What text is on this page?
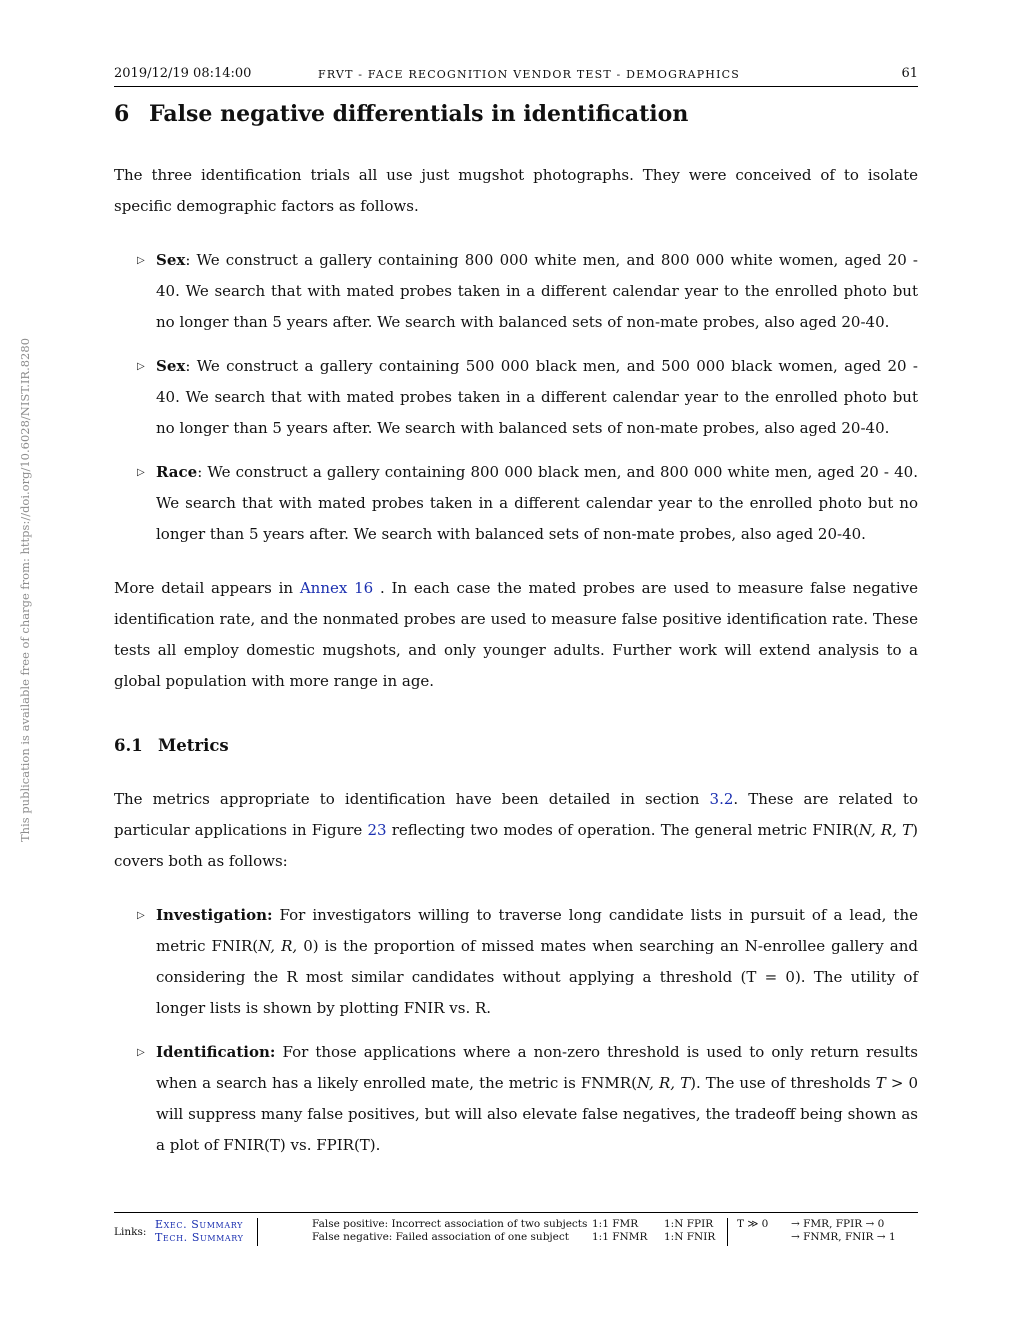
2019/12/19 08:14:00	FRVT - FACE RECOGNITION VENDOR TEST - DEMOGRAPHICS	61
This publication is available free of charge from: https://doi.org/10.6028/NIST.IR.8280
6 False negative differentials in identification

The three identification trials all use just mugshot photographs. They were conceived of to isolate specific demographic factors as follows.

▷ Sex: We construct a gallery containing 800 000 white men, and 800 000 white women, aged 20 - 40. We search that with mated probes taken in a different calendar year to the enrolled photo but no longer than 5 years after. We search with balanced sets of non-mate probes, also aged 20-40.

▷ Sex: We construct a gallery containing 500 000 black men, and 500 000 black women, aged 20 - 40. We search that with mated probes taken in a different calendar year to the enrolled photo but no longer than 5 years after. We search with balanced sets of non-mate probes, also aged 20-40.

▷ Race: We construct a gallery containing 800 000 black men, and 800 000 white men, aged 20 - 40. We search that with mated probes taken in a different calendar year to the enrolled photo but no longer than 5 years after. We search with balanced sets of non-mate probes, also aged 20-40.

More detail appears in Annex 16 . In each case the mated probes are used to measure false negative identification rate, and the nonmated probes are used to measure false positive identification rate. These tests all employ domestic mugshots, and only younger adults. Further work will extend analysis to a global population with more range in age.

6.1 Metrics

The metrics appropriate to identification have been detailed in section 3.2. These are related to particular applications in Figure 23 reflecting two modes of operation. The general metric FNIR(N, R, T) covers both as follows:

▷ Investigation: For investigators willing to traverse long candidate lists in pursuit of a lead, the metric FNIR(N, R, 0) is the proportion of missed mates when searching an N-enrollee gallery and considering the R most similar candidates without applying a threshold (T = 0). The utility of longer lists is shown by plotting FNIR vs. R.

▷ Identification: For those applications where a non-zero threshold is used to only return results when a search has a likely enrolled mate, the metric is FNMR(N, R, T). The use of thresholds T > 0 will suppress many false positives, but will also elevate false negatives, the tradeoff being shown as a plot of FNIR(T) vs. FPIR(T).

Links:
Exec. Summary
Tech. Summary
False positive: Incorrect association of two subjects
False negative: Failed association of one subject
1:1 FMR
1:1 FNMR
1:N FPIR
1:N FNIR
T ≫ 0 → FMR, FPIR → 0
→ FNMR, FNIR → 1
